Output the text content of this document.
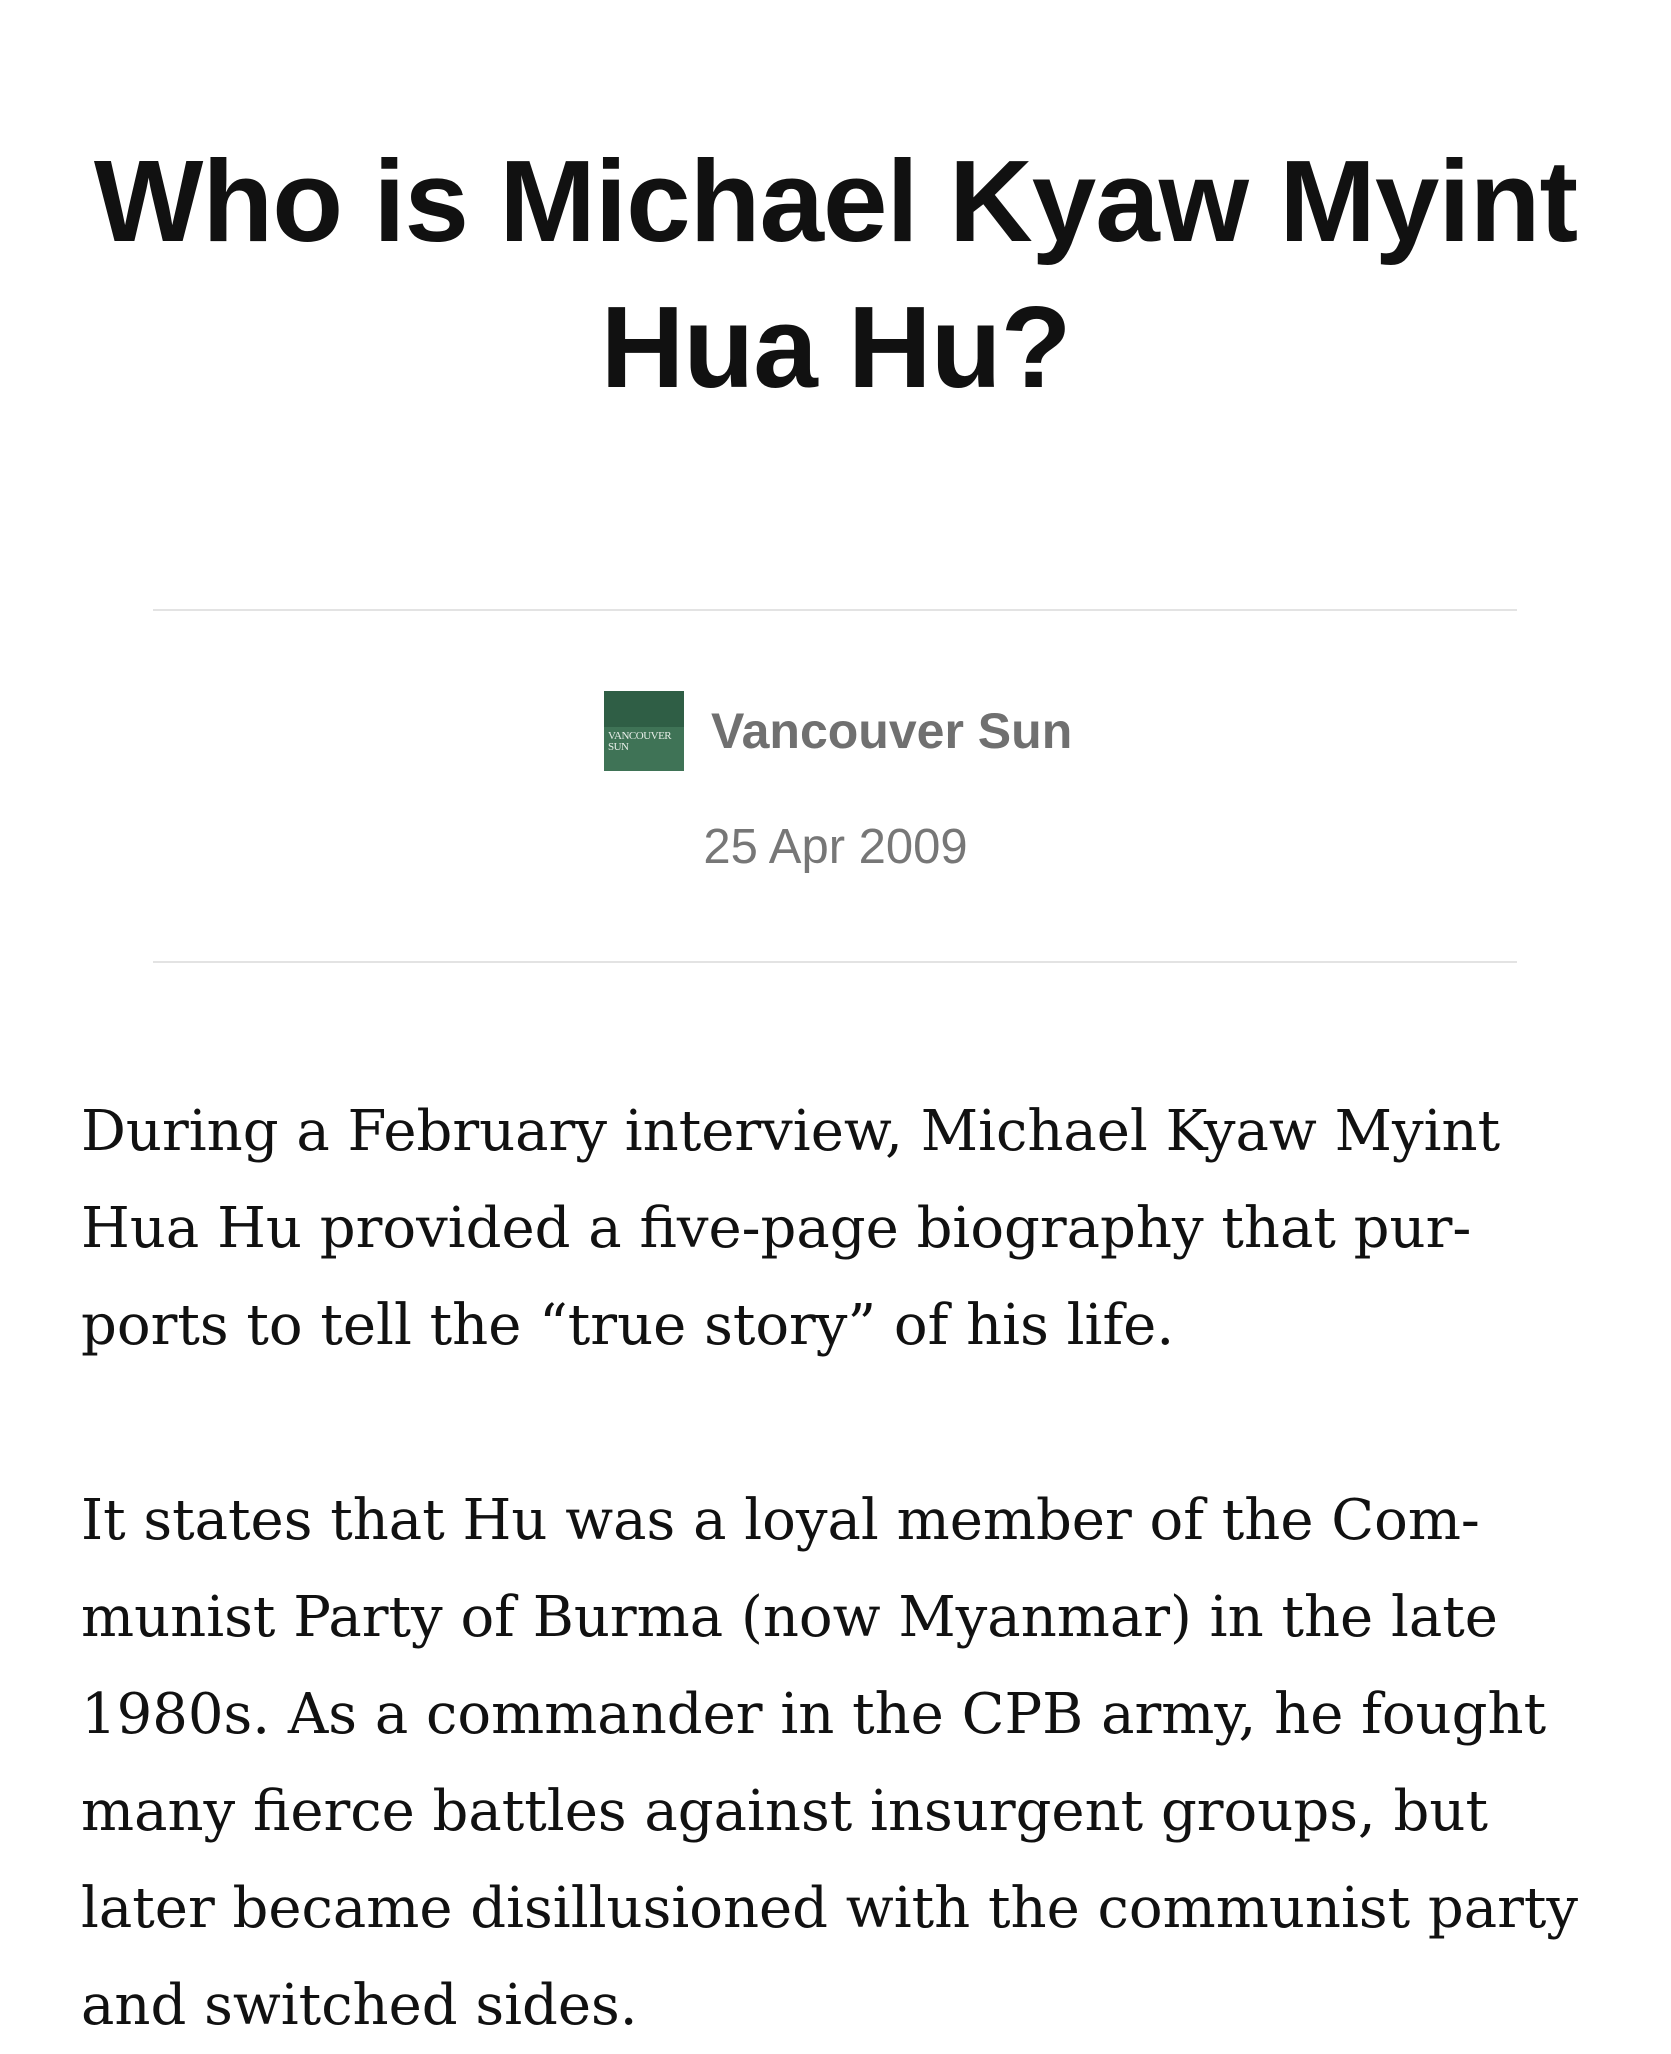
Who is Michael Kyaw Myint Hua Hu?
VANCOUVER
SUN	Vancouver Sun
25 Apr 2009

During a February interview, Michael Kyaw Myint Hua Hu provided a five-page biography that pur- ports to tell the “true story” of his life.

It states that Hu was a loyal member of the Com- munist Party of Burma (now Myanmar) in the late 1980s. As a commander in the CPB army, he fought many fierce battles against insurgent groups, but later became disillusioned with the communist party and switched sides.
